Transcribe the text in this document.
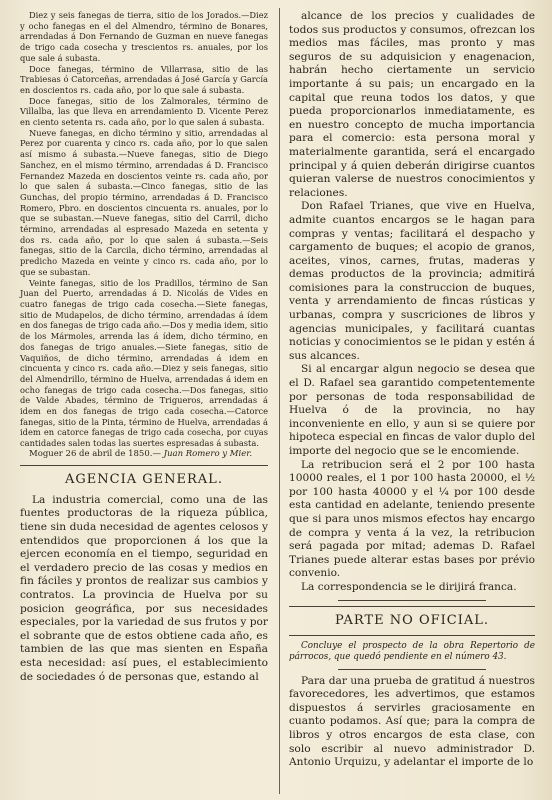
Diez y seis fanegas de tierra, sitio de los Jorados.—Diez y ocho fanegas en el del Almendro, término de Bonares, arrendadas á Don Fernando de Guzman en nueve fanegas de trigo cada cosecha y trescientos rs. anuales, por los que sale á subasta.

Doce fanegas, término de Villarrasa, sitio de las Trabiesas ó Catorceñas, arrendadas á José García y García en doscientos rs. cada año, por lo que sale á subasta.

Doce fanegas, sitio de los Zalmorales, término de Villalba, las que lleva en arrendamiento D. Vicente Perez en ciento setenta rs. cada año, por lo que salen á subasta.

Nueve fanegas, en dicho término y sitio, arrendadas al Perez por cuarenta y cinco rs. cada año, por lo que salen así mismo á subasta.—Nueve fanegas, sitio de Diego Sanchez, en el mismo término, arrendadas á D. Francisco Fernandez Mazeda en doscientos veinte rs. cada año, por lo que salen á subasta.—Cinco fanegas, sitio de las Gunchas, del propio término, arrendadas á D. Francisco Romero, Pbro. en doscientos cincuenta rs. anuales, por lo que se subastan.—Nueve fanegas, sitio del Carril, dicho término, arrendadas al espresado Mazeda en setenta y dos rs. cada año, por lo que salen á subasta.—Seis fanegas, sitio de la Carcila, dicho término, arrendadas al predicho Mazeda en veinte y cinco rs. cada año, por lo que se subastan.

Veinte fanegas, sitio de los Pradillos, término de San Juan del Puerto, arrendadas á D. Nicolás de Vides en cuatro fanegas de trigo cada cosecha.—Siete fanegas, sitio de Mudapelos, de dicho término, arrendadas á ídem en dos fanegas de trigo cada año.—Dos y media idem, sitio de los Mármoles, arrenda las á ídem, dicho término, en dos fanegas de trigo anuales.—Siete fanegas, sitio de Vaquiños, de dicho término, arrendadas á idem en cincuenta y cinco rs. cada año.—Diez y seis fanegas, sitio del Almendrillo, término de Huelva, arrendadas á idem en ocho fanegas de trigo cada cosecha.—Dos fanegas, sitio de Valde Abades, término de Trigueros, arrendadas á idem en dos fanegas de trigo cada cosecha.—Catorce fanegas, sitio de la Pinta, término de Huelva, arrendadas á idem en catorce fanegas de trigo cada cosecha, por cuyas cantidades salen todas las suertes espresadas á subasta.

Moguer 26 de abril de 1850.— Juan Romero y Mier.

AGENCIA GENERAL.

La industria comercial, como una de las fuentes productoras de la riqueza pública, tiene sin duda necesidad de agentes celosos y entendidos que proporcionen á los que la ejercen economía en el tiempo, seguridad en el verdadero precio de las cosas y medios en fin fáciles y prontos de realizar sus cambios y contratos. La provincia de Huelva por su posicion geográfica, por sus necesidades especiales, por la variedad de sus frutos y por el sobrante que de estos obtiene cada año, es tambien de las que mas sienten en España esta necesidad: así pues, el establecimiento de sociedades ó de personas que, estando al

alcance de los precios y cualidades de todos sus productos y consumos, ofrezcan los medios mas fáciles, mas pronto y mas seguros de su adquisicion y enagenacion, habrán hecho ciertamente un servicio importante á su pais; un encargado en la capital que reuna todos los datos, y que pueda proporcionarlos inmediatamente, es en nuestro concepto de mucha importancia para el comercio: esta persona moral y materialmente garantida, será el encargado principal y á quien deberán dirigirse cuantos quieran valerse de nuestros conocimientos y relaciones.

Don Rafael Trianes, que vive en Huelva, admite cuantos encargos se le hagan para compras y ventas; facilitará el despacho y cargamento de buques; el acopio de granos, aceites, vinos, carnes, frutas, maderas y demas productos de la provincia; admitirá comisiones para la construccion de buques, venta y arrendamiento de fincas rústicas y urbanas, compra y suscriciones de libros y agencias municipales, y facilitará cuantas noticias y conocimientos se le pidan y estén á sus alcances.

Si al encargar algun negocio se desea que el D. Rafael sea garantido competentemente por personas de toda responsabilidad de Huelva ó de la provincia, no hay inconveniente en ello, y aun si se quiere por hipoteca especial en fincas de valor duplo del importe del negocio que se le encomiende.

La retribucion será el 2 por 100 hasta 10000 reales, el 1 por 100 hasta 20000, el ½ por 100 hasta 40000 y el ¼ por 100 desde esta cantidad en adelante, teniendo presente que si para unos mismos efectos hay encargo de compra y venta á la vez, la retribucion será pagada por mitad; ademas D. Rafael Trianes puede alterar estas bases por prévio convenio.

La correspondencia se le dirijirá franca.

PARTE NO OFICIAL.

Concluye el prospecto de la obra Repertorio de párrocos, que quedó pendiente en el número 43.

Para dar una prueba de gratitud á nuestros favorecedores, les advertimos, que estamos dispuestos á servirles graciosamente en cuanto podamos. Así que; para la compra de libros y otros encargos de esta clase, con solo escribir al nuevo administrador D. Antonio Urquizu, y adelantar el importe de lo
